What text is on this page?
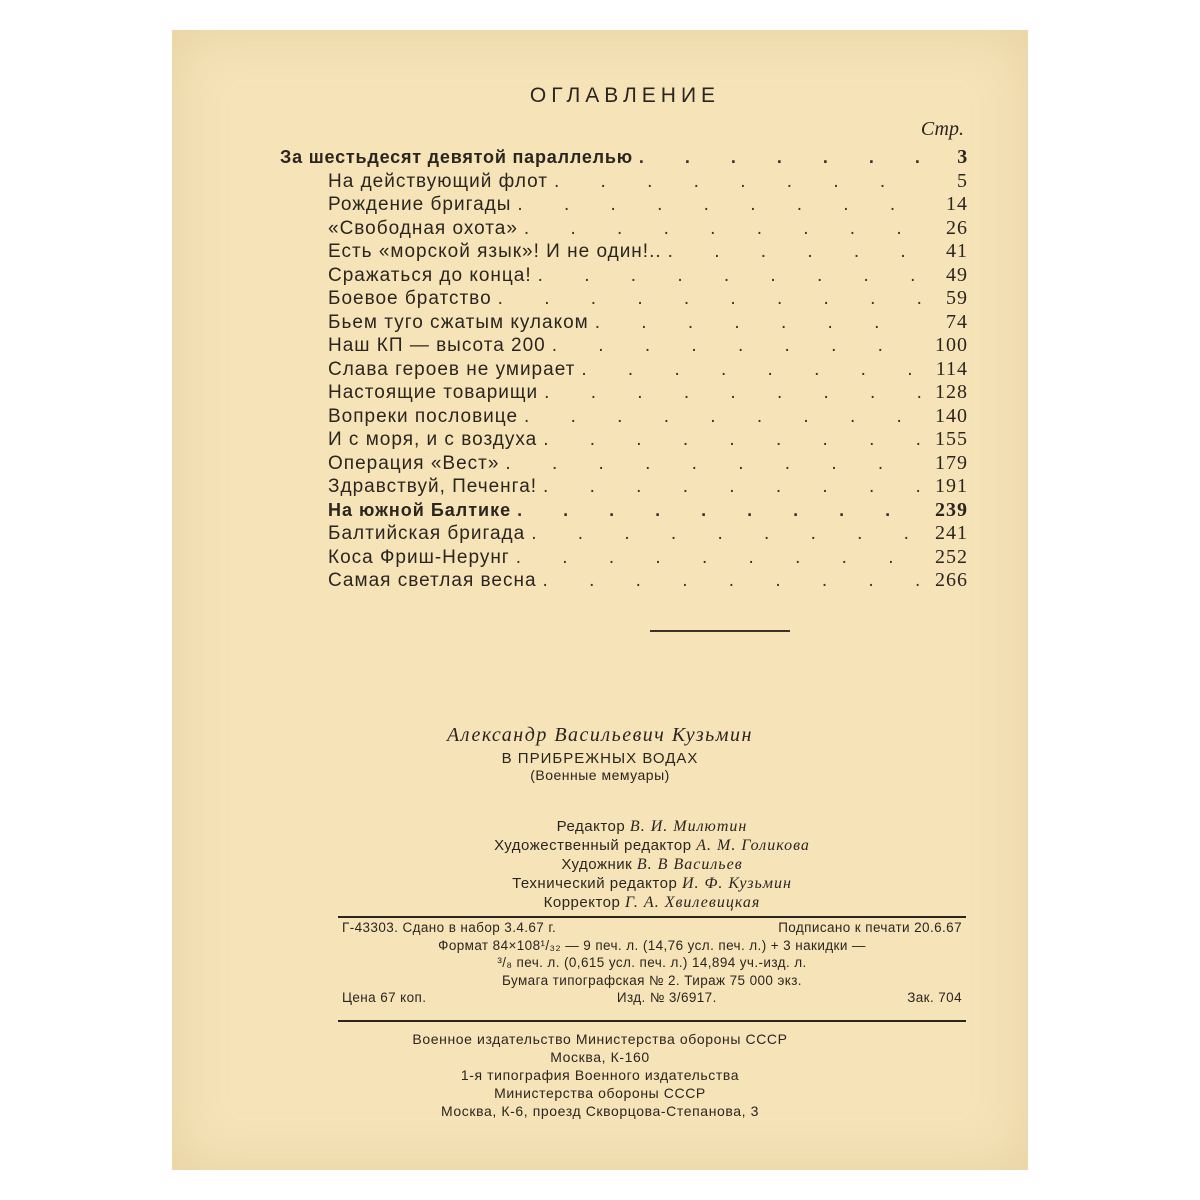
ОГЛАВЛЕНИЕ
Стр.
За шестьдесят девятой параллелью . . .	3
На действующий флот . . .	5
Рождение бригады . . .	14
«Свободная охота» . . .	26
Есть «морской язык»! И не один!.. . . .	41
Сражаться до конца! . . .	49
Боевое братство . . .	59
Бьем туго сжатым кулаком . . .	74
Наш КП — высота 200 . . .	100
Слава героев не умирает . . .	114
Настоящие товарищи . . .	128
Вопреки пословице . . .	140
И с моря, и с воздуха . . .	155
Операция «Вест» . . .	179
Здравствуй, Печенга! . . .	191
На южной Балтике . . .	239
Балтийская бригада . . .	241
Коса Фриш-Нерунг . . .	252
Самая светлая весна . . .	266
Александр Васильевич Кузьмин
В ПРИБРЕЖНЫХ ВОДАХ
(Военные мемуары)
Редактор В. И. Милютин
Художественный редактор А. М. Голикова
Художник В. В Васильев
Технический редактор И. Ф. Кузьмин
Корректор Г. А. Хвилевицкая
Г-43303. Сдано в набор 3.4.67 г.	Подписано к печати 20.6.67
Формат 84×108¹/₃₂ — 9 печ. л. (14,76 усл. печ. л.) + 3 накидки —
³/₈ печ. л. (0,615 усл. печ. л.) 14,894 уч.-изд. л.
Бумага типографская № 2. Тираж 75 000 экз.
Цена 67 коп.	Изд. № 3/6917.	Зак. 704
Военное издательство Министерства обороны СССР
Москва, К-160
1-я типография Военного издательства
Министерства обороны СССР
Москва, К-6, проезд Скворцова-Степанова, 3
